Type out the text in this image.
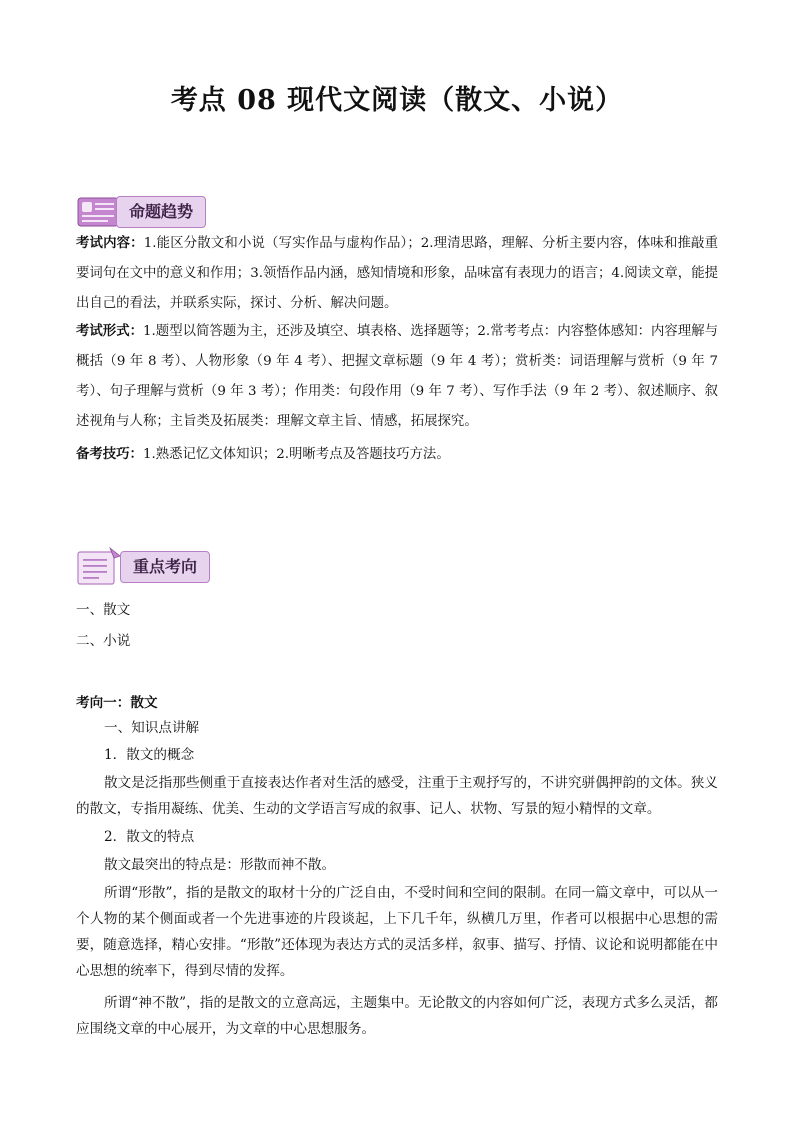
考点 08 现代文阅读（散文、小说）
命题趋势

考试内容：1.能区分散文和小说（写实作品与虚构作品）；2.理清思路，理解、分析主要内容，体味和推敲重要词句在文中的意义和作用；3.领悟作品内涵，感知情境和形象，品味富有表现力的语言；4.阅读文章，能提出自己的看法，并联系实际，探讨、分析、解决问题。

考试形式：1.题型以简答题为主，还涉及填空、填表格、选择题等；2.常考考点：内容整体感知：内容理解与概括（9 年 8 考）、人物形象（9 年 4 考）、把握文章标题（9 年 4 考）；赏析类：词语理解与赏析（9 年 7 考）、句子理解与赏析（9 年 3 考）；作用类：句段作用（9 年 7 考）、写作手法（9 年 2 考）、叙述顺序、叙述视角与人称；主旨类及拓展类：理解文章主旨、情感，拓展探究。

备考技巧：1.熟悉记忆文体知识；2.明晰考点及答题技巧方法。

重点考向

一、散文

二、小说

考向一：散文

一、知识点讲解

1．散文的概念

散文是泛指那些侧重于直接表达作者对生活的感受，注重于主观抒写的，不讲究骈偶押韵的文体。狭义的散文，专指用凝练、优美、生动的文学语言写成的叙事、记人、状物、写景的短小精悍的文章。

2．散文的特点

散文最突出的特点是：形散而神不散。

所谓“形散”，指的是散文的取材十分的广泛自由，不受时间和空间的限制。在同一篇文章中，可以从一个人物的某个侧面或者一个先进事迹的片段谈起，上下几千年，纵横几万里，作者可以根据中心思想的需要，随意选择，精心安排。“形散”还体现为表达方式的灵活多样，叙事、描写、抒情、议论和说明都能在中心思想的统率下，得到尽情的发挥。

所谓“神不散”，指的是散文的立意高远，主题集中。无论散文的内容如何广泛，表现方式多么灵活，都应围绕文章的中心展开，为文章的中心思想服务。
